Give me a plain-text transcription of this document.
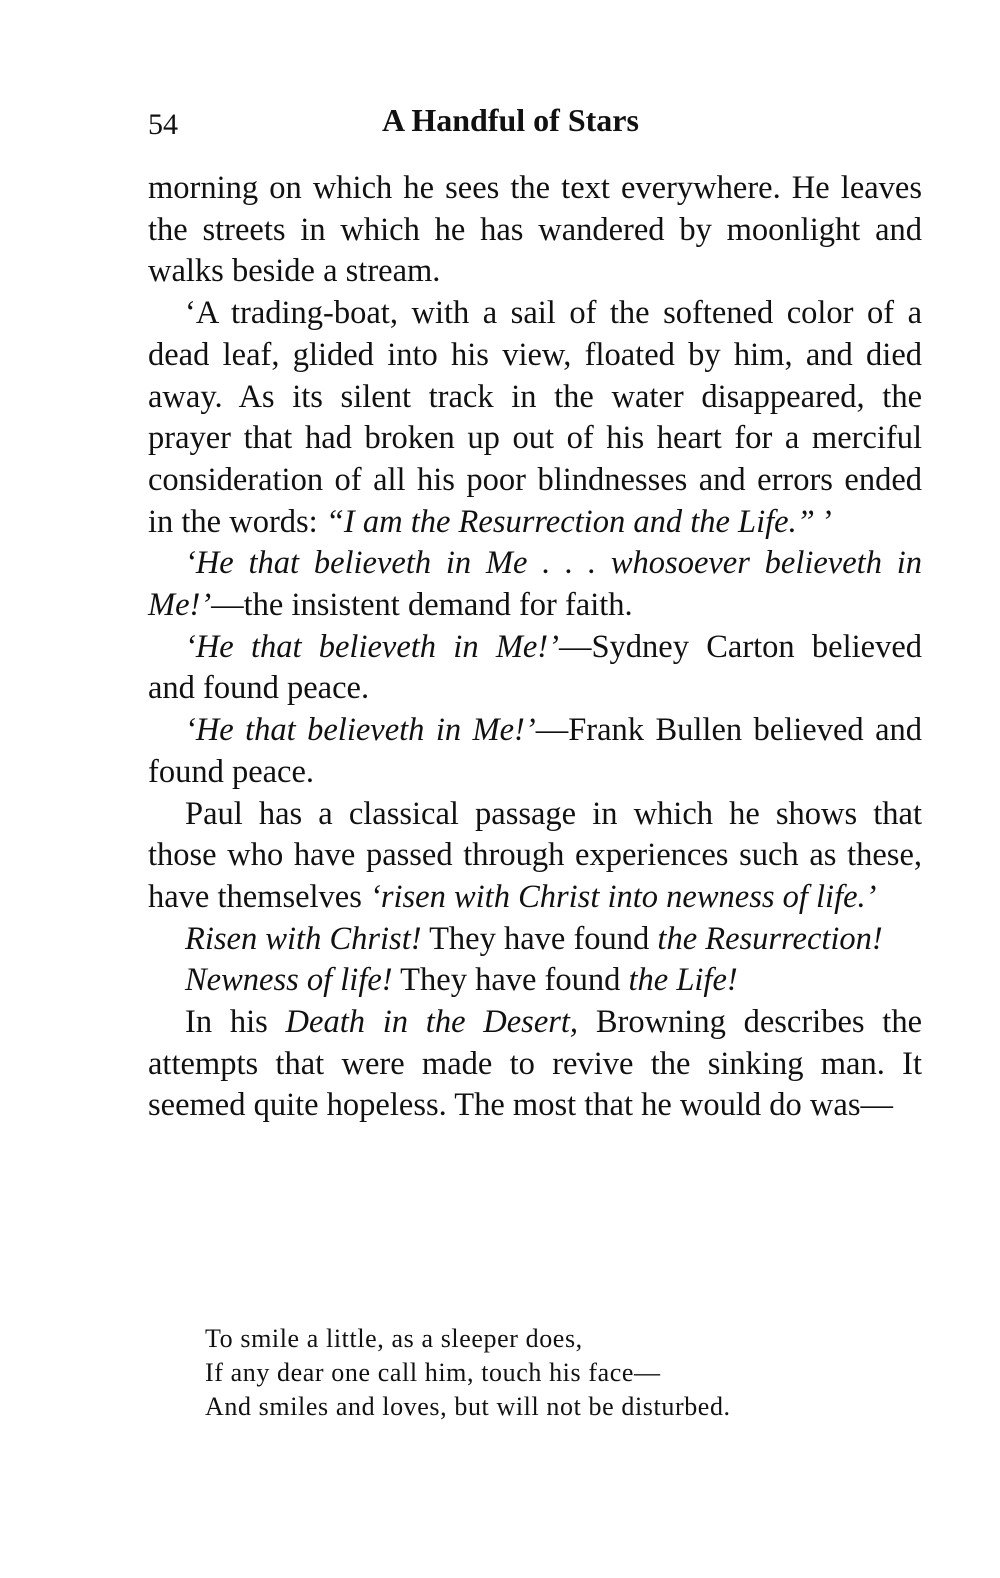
54	A Handful of Stars

morning on which he sees the text everywhere. He leaves the streets in which he has wandered by moonlight and walks beside a stream.

‘A trading-boat, with a sail of the softened color of a dead leaf, glided into his view, floated by him, and died away. As its silent track in the water disappeared, the prayer that had broken up out of his heart for a merciful consideration of all his poor blindnesses and errors ended in the words: “I am the Resurrection and the Life.” ’

‘He that believeth in Me . . . whosoever believeth in Me!’—the insistent demand for faith.

‘He that believeth in Me!’—Sydney Carton believed and found peace.

‘He that believeth in Me!’—Frank Bullen believed and found peace.

Paul has a classical passage in which he shows that those who have passed through experiences such as these, have themselves ‘risen with Christ into newness of life.’

Risen with Christ! They have found the Resurrection!

Newness of life! They have found the Life!

In his Death in the Desert, Browning describes the attempts that were made to revive the sinking man. It seemed quite hopeless. The most that he would do was—

To smile a little, as a sleeper does,
If any dear one call him, touch his face—
And smiles and loves, but will not be disturbed.
